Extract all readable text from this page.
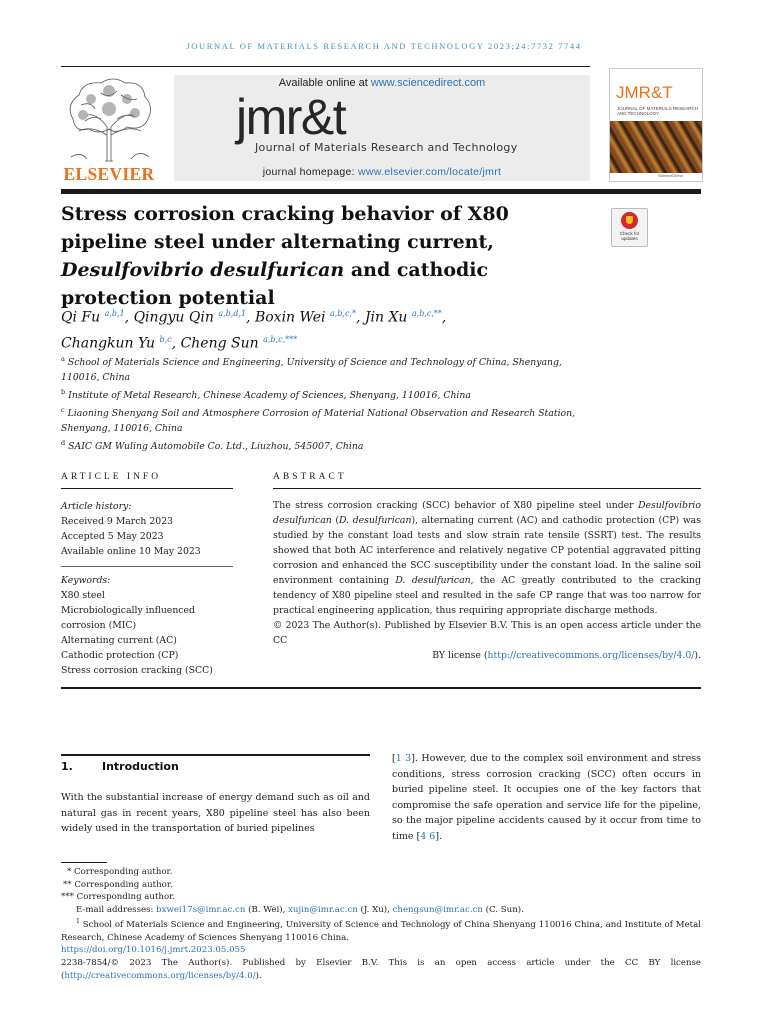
JOURNAL OF MATERIALS RESEARCH AND TECHNOLOGY 2023;24:7732 7744
ELSEVIER
Available online at www.sciencedirect.com
jmr&t
Journal of Materials Research and Technology
journal homepage: www.elsevier.com/locate/jmrt
JMR&T
JOURNAL OF MATERIALS RESEARCH AND TECHNOLOGY
ScienceDirect
Stress corrosion cracking behavior of X80 pipeline steel under alternating current, Desulfovibrio desulfurican and cathodic protection potential
Check for
updates
Qi Fu $^{a,b,1}$, Qingyu Qin $^{a,b,d,1}$, Boxin Wei $^{a,b,c,*}$, Jin Xu $^{a,b,c,**}$,
Changkun Yu $^{b,c}$, Cheng Sun $^{a,b,c,***}$

$^a$ School of Materials Science and Engineering, University of Science and Technology of China, Shenyang, 110016, China

$^b$ Institute of Metal Research, Chinese Academy of Sciences, Shenyang, 110016, China

$^c$ Liaoning Shenyang Soil and Atmosphere Corrosion of Material National Observation and Research Station, Shenyang, 110016, China

$^d$ SAIC GM Wuling Automobile Co. Ltd., Liuzhou, 545007, China

ARTICLE INFO	ABSTRACT
Article history:
Received 9 March 2023
Accepted 5 May 2023
Available online 10 May 2023
Keywords:
X80 steel
Microbiologically influenced corrosion (MIC)
Alternating current (AC)
Cathodic protection (CP)
Stress corrosion cracking (SCC)

The stress corrosion cracking (SCC) behavior of X80 pipeline steel under Desulfovibrio desulfurican (D. desulfurican), alternating current (AC) and cathodic protection (CP) was studied by the constant load tests and slow strain rate tensile (SSRT) test. The results showed that both AC interference and relatively negative CP potential aggravated pitting corrosion and enhanced the SCC susceptibility under the constant load. In the saline soil environment containing D. desulfurican, the AC greatly contributed to the cracking tendency of X80 pipeline steel and resulted in the safe CP range that was too narrow for practical engineering application, thus requiring appropriate discharge methods.

© 2023 The Author(s). Published by Elsevier B.V. This is an open access article under the CC

BY license (http://creativecommons.org/licenses/by/4.0/).

1.	Introduction

With the substantial increase of energy demand such as oil and natural gas in recent years, X80 pipeline steel has also been widely used in the transportation of buried pipelines

[1 3]. However, due to the complex soil environment and stress conditions, stress corrosion cracking (SCC) often occurs in buried pipeline steel. It occupies one of the key factors that compromise the safe operation and service life for the pipeline, so the major pipeline accidents caused by it occur from time to time [4 6].

* Corresponding author.

** Corresponding author.

*** Corresponding author.

E-mail addresses: bxwei17s@imr.ac.cn (B. Wei), xujin@imr.ac.cn (J. Xu), chengsun@imr.ac.cn (C. Sun).

$^1$ School of Materials Science and Engineering, University of Science and Technology of China Shenyang 110016 China, and Institute of Metal Research, Chinese Academy of Sciences Shenyang 110016 China.

https://doi.org/10.1016/j.jmrt.2023.05.055

2238-7854/© 2023 The Author(s). Published by Elsevier B.V. This is an open access article under the CC BY license (http://creativecommons.org/licenses/by/4.0/).
